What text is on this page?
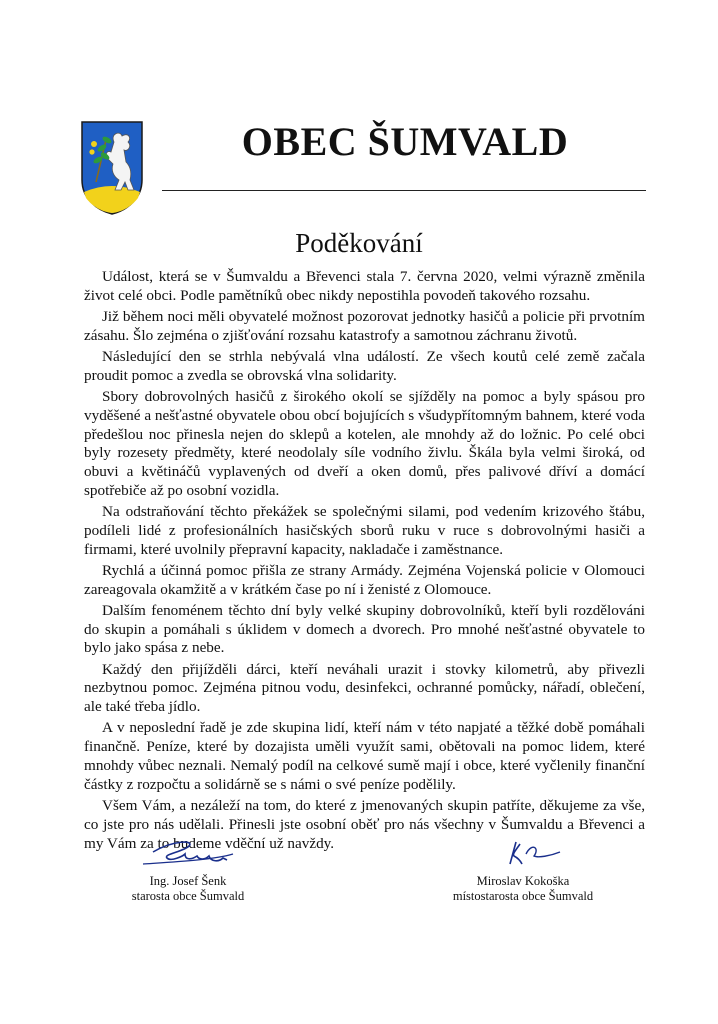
OBEC ŠUMVALD
Poděkování

Událost, která se v Šumvaldu a Břevenci stala 7. června 2020, velmi výrazně změnila život celé obci. Podle pamětníků obec nikdy nepostihla povodeň takového rozsahu.

Již během noci měli obyvatelé možnost pozorovat jednotky hasičů a policie při prvotním zásahu. Šlo zejména o zjišťování rozsahu katastrofy a samotnou záchranu životů.

Následující den se strhla nebývalá vlna událostí. Ze všech koutů celé země začala proudit pomoc a zvedla se obrovská vlna solidarity.

Sbory dobrovolných hasičů z širokého okolí se sjížděly na pomoc a byly spásou pro vyděšené a nešťastné obyvatele obou obcí bojujících s všudypřítomným bahnem, které voda předešlou noc přinesla nejen do sklepů a kotelen, ale mnohdy až do ložnic. Po celé obci byly rozesety předměty, které neodolaly síle vodního živlu. Škála byla velmi široká, od obuvi a květináčů vyplavených od dveří a oken domů, přes palivové dříví a domácí spotřebiče až po osobní vozidla.

Na odstraňování těchto překážek se společnými silami, pod vedením krizového štábu, podíleli lidé z profesionálních hasičských sborů ruku v ruce s dobrovolnými hasiči a firmami, které uvolnily přepravní kapacity, nakladače i zaměstnance.

Rychlá a účinná pomoc přišla ze strany Armády. Zejména Vojenská policie v Olomouci zareagovala okamžitě a v krátkém čase po ní i ženisté z Olomouce.

Dalším fenoménem těchto dní byly velké skupiny dobrovolníků, kteří byli rozdělováni do skupin a pomáhali s úklidem v domech a dvorech. Pro mnohé nešťastné obyvatele to bylo jako spása z nebe.

Každý den přijížděli dárci, kteří neváhali urazit i stovky kilometrů, aby přivezli nezbytnou pomoc. Zejména pitnou vodu, desinfekci, ochranné pomůcky, nářadí, oblečení, ale také třeba jídlo.

A v neposlední řadě je zde skupina lidí, kteří nám v této napjaté a těžké době pomáhali finančně. Peníze, které by dozajista uměli využít sami, obětovali na pomoc lidem, které mnohdy vůbec neznali. Nemalý podíl na celkové sumě mají i obce, které vyčlenily finanční částky z rozpočtu a solidárně se s námi o své peníze podělily.

Všem Vám, a nezáleží na tom, do které z jmenovaných skupin patříte, děkujeme za vše, co jste pro nás udělali. Přinesli jste osobní oběť pro nás všechny v Šumvaldu a Břevenci a my Vám za to budeme vděční už navždy.

Ing. Josef Šenk
starosta obce Šumvald
Miroslav Kokoška
místostarosta obce Šumvald
